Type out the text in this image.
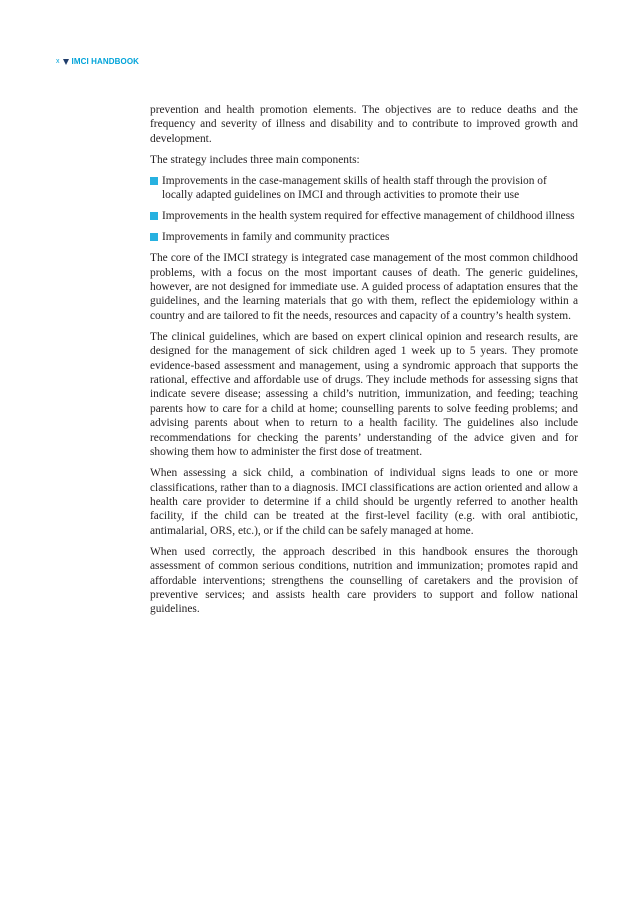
x IMCI HANDBOOK

prevention and health promotion elements. The objectives are to reduce deaths and the frequency and severity of illness and disability and to contribute to improved growth and development.

The strategy includes three main components:

Improvements in the case-management skills of health staff through the provision of locally adapted guidelines on IMCI and through activities to promote their use
Improvements in the health system required for effective management of childhood illness
Improvements in family and community practices

The core of the IMCI strategy is integrated case management of the most common childhood problems, with a focus on the most important causes of death. The generic guidelines, however, are not designed for immediate use. A guided process of adaptation ensures that the guidelines, and the learning materials that go with them, reflect the epidemiology within a country and are tailored to fit the needs, resources and capacity of a country’s health system.

The clinical guidelines, which are based on expert clinical opinion and research results, are designed for the management of sick children aged 1 week up to 5 years. They promote evidence-based assessment and management, using a syndromic approach that supports the rational, effective and affordable use of drugs. They include methods for assessing signs that indicate severe disease; assessing a child’s nutrition, immunization, and feeding; teaching parents how to care for a child at home; counselling parents to solve feeding problems; and advising parents about when to return to a health facility. The guidelines also include recommendations for checking the parents’ understanding of the advice given and for showing them how to administer the first dose of treatment.

When assessing a sick child, a combination of individual signs leads to one or more classifications, rather than to a diagnosis. IMCI classifications are action oriented and allow a health care provider to determine if a child should be urgently referred to another health facility, if the child can be treated at the first-level facility (e.g. with oral antibiotic, antimalarial, ORS, etc.), or if the child can be safely managed at home.

When used correctly, the approach described in this handbook ensures the thorough assessment of common serious conditions, nutrition and immunization; promotes rapid and affordable interventions; strengthens the counselling of caretakers and the provision of preventive services; and assists health care providers to support and follow national guidelines.
